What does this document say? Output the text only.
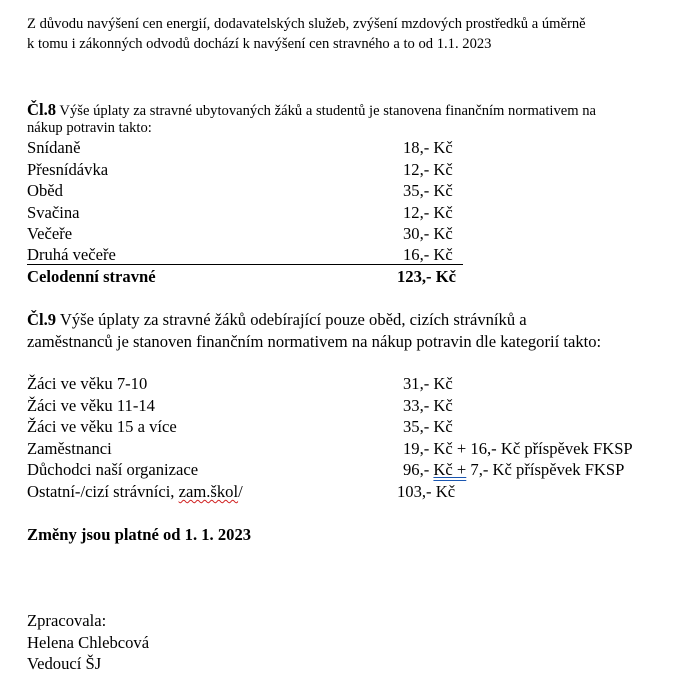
Z důvodu navýšení cen energií, dodavatelských služeb, zvýšení mzdových prostředků a úměrně
k tomu i zákonných odvodů dochází k navýšení cen stravného a to od 1.1. 2023
Čl.8 Výše úplaty za stravné ubytovaných žáků a studentů je stanovena finančním normativem na
nákup potravin takto:
Snídaně	18,- Kč
Přesnídávka	12,- Kč
Oběd	35,- Kč
Svačina	12,- Kč
Večeře	30,- Kč
Druhá večeře	16,- Kč
Celodenní stravné	123,- Kč
Čl.9 Výše úplaty za stravné žáků odebírající pouze oběd, cizích strávníků a
zaměstnanců je stanoven finančním normativem na nákup potravin dle kategorií takto:
Žáci ve věku 7-10	31,- Kč
Žáci ve věku 11-14	33,- Kč
Žáci ve věku 15 a více	35,- Kč
Zaměstnanci	19,- Kč + 16,- Kč příspěvek FKSP
Důchodci naší organizace	96,- Kč + 7,- Kč příspěvek FKSP
Ostatní-/cizí strávníci, zam.škol/	103,- Kč
Změny jsou platné od 1. 1. 2023
Zpracovala:
Helena Chlebcová
Vedoucí ŠJ
